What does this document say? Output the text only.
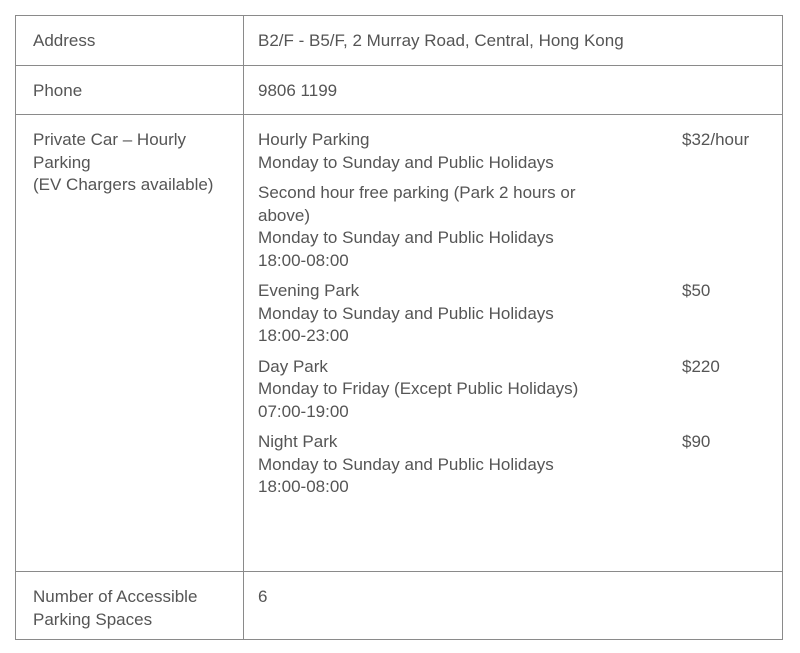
Address	B2/F - B5/F, 2 Murray Road, Central, Hong Kong
Phone	9806 1199
Private Car – Hourly
Parking
(EV Chargers available)
Hourly Parking
Monday to Sunday and Public Holidays
$32/hour
Second hour free parking (Park 2 hours or above)
Monday to Sunday and Public Holidays
18:00-08:00
Evening Park
Monday to Sunday and Public Holidays
18:00-23:00
$50
Day Park
Monday to Friday (Except Public Holidays)
07:00-19:00
$220
Night Park
Monday to Sunday and Public Holidays
18:00-08:00
$90
Number of Accessible
Parking Spaces
6
